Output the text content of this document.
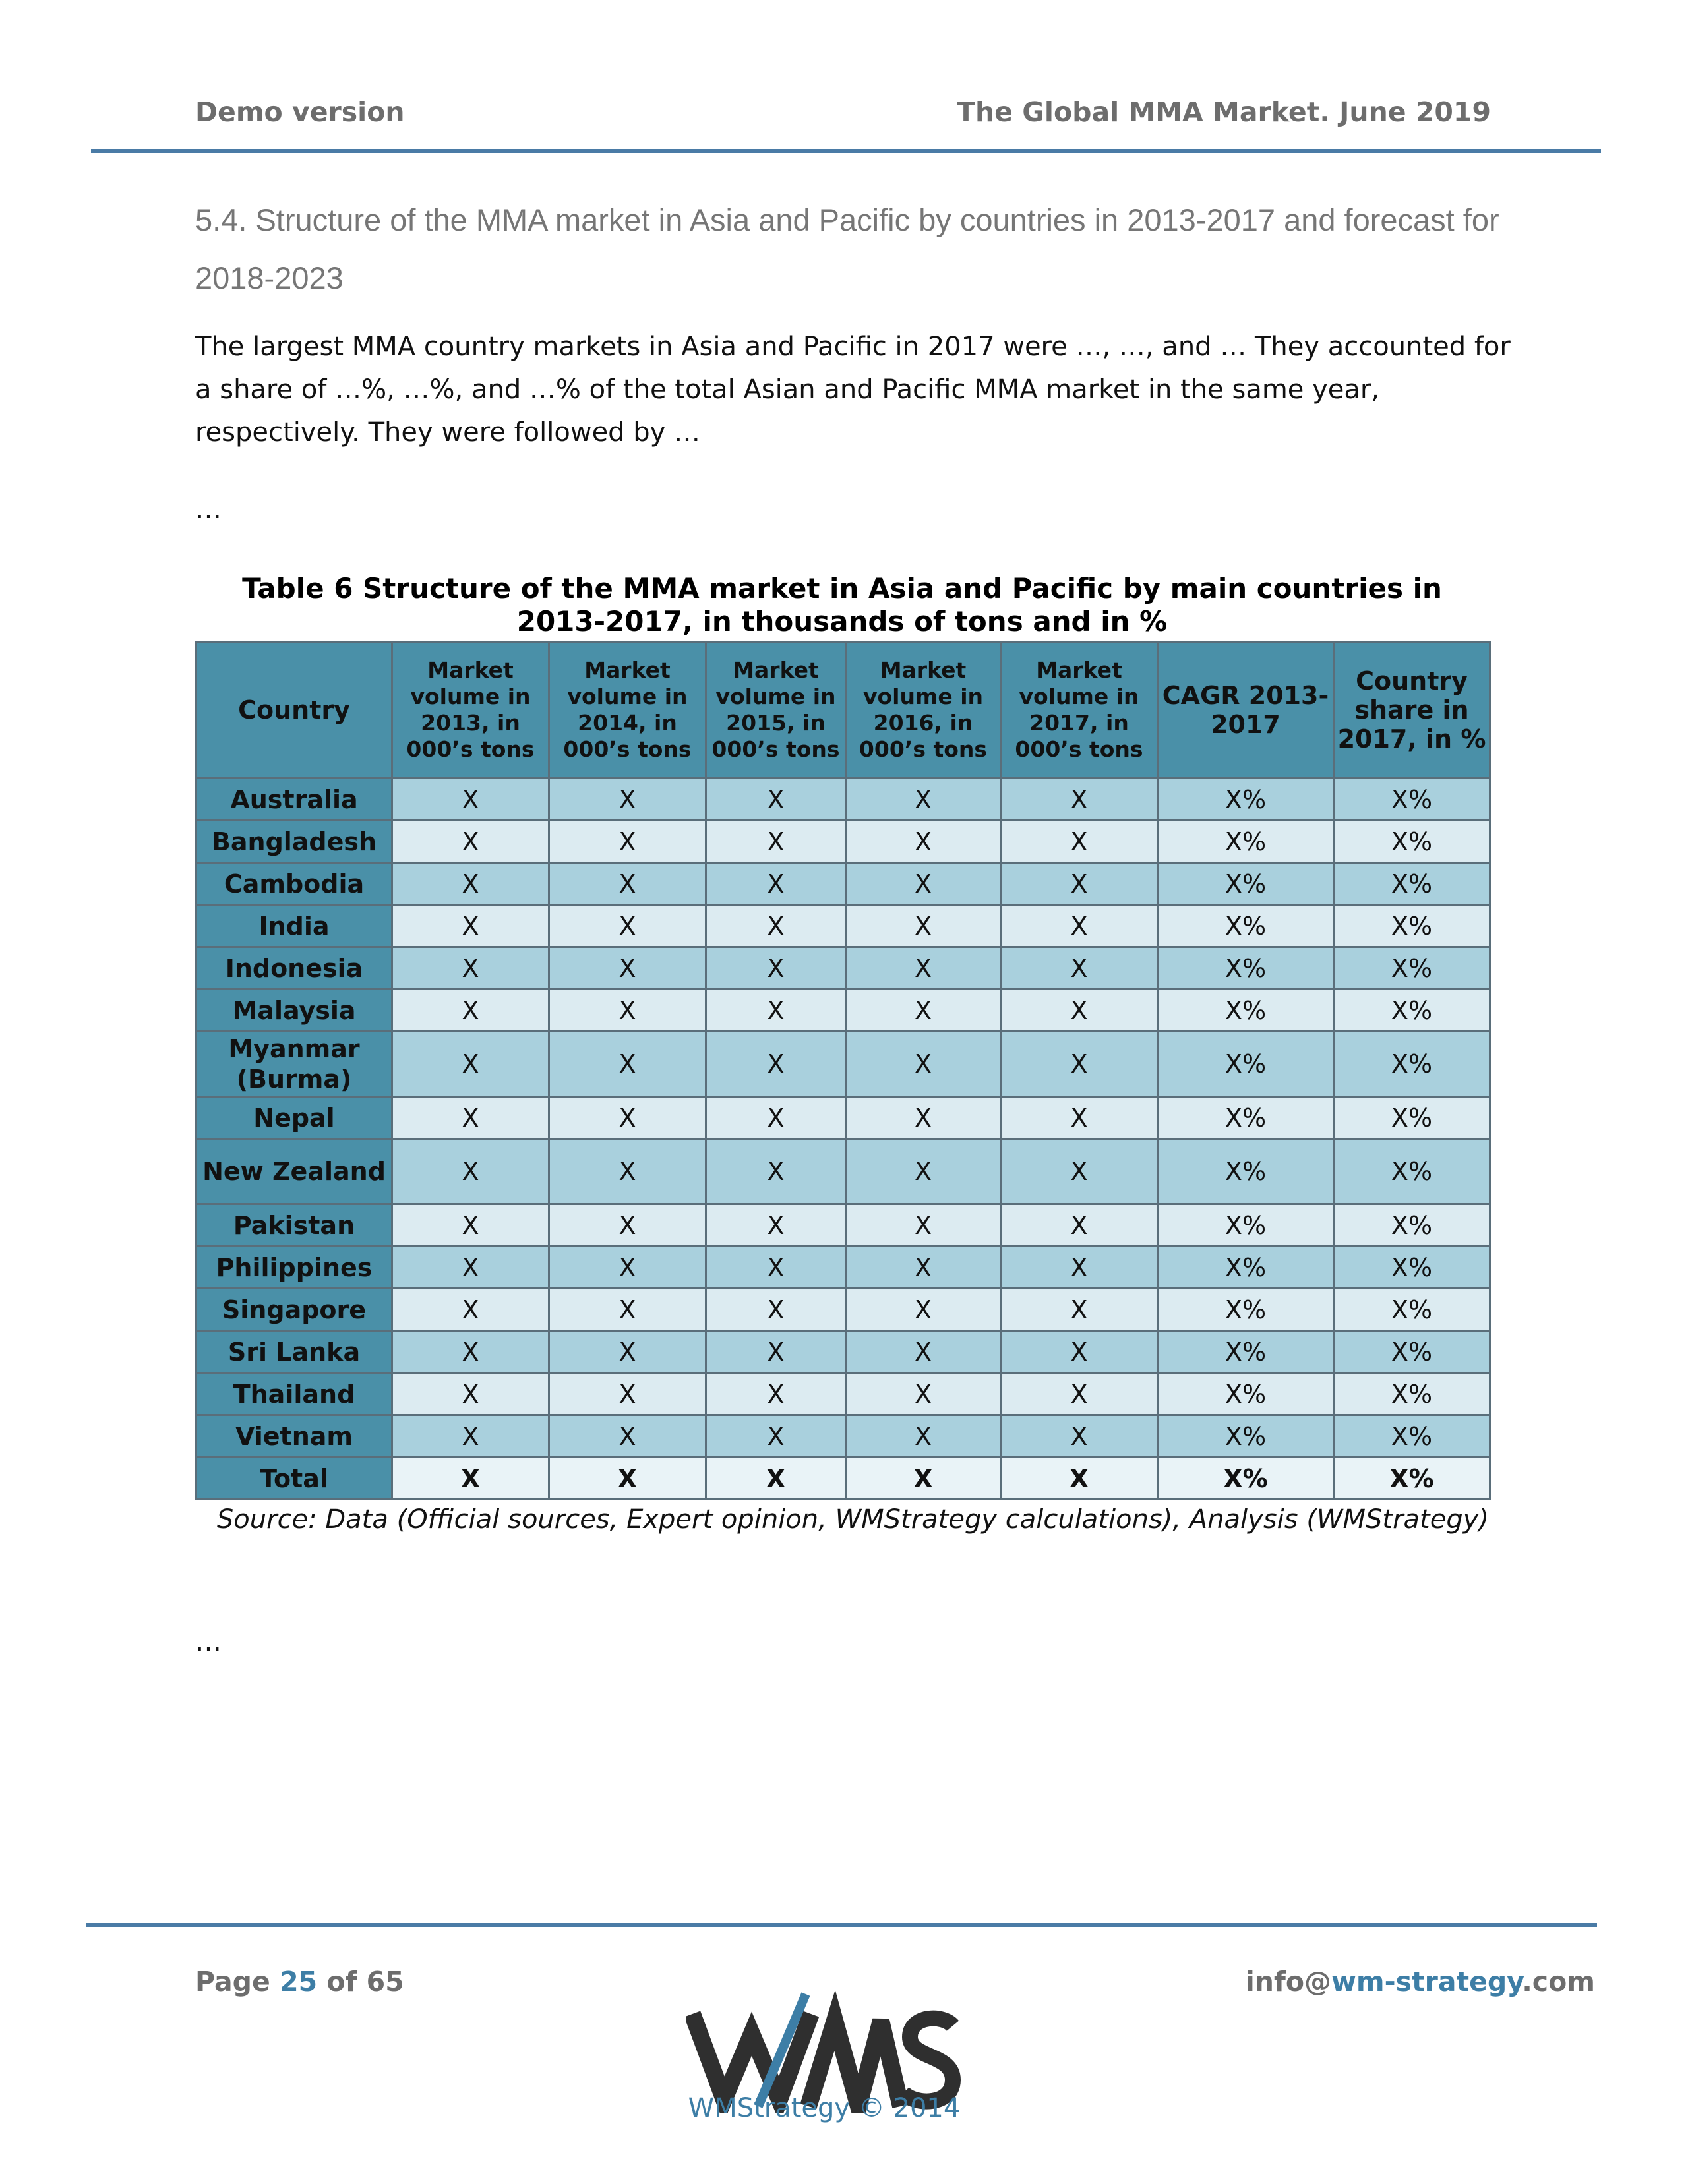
Demo version	The Global MMA Market. June 2019
5.4. Structure of the MMA market in Asia and Pacific by countries in 2013-2017 and forecast for 2018-2023
The largest MMA country markets in Asia and Pacific in 2017 were …, …, and … They accounted for a share of …%, …%, and …% of the total Asian and Pacific MMA market in the same year, respectively. They were followed by …
…
Table 6 Structure of the MMA market in Asia and Pacific by main countries in 2013-2017, in thousands of tons and in %
Country	Market volume in 2013, in 000’s tons	Market volume in 2014, in 000’s tons	Market volume in 2015, in 000’s tons	Market volume in 2016, in 000’s tons	Market volume in 2017, in 000’s tons	CAGR 2013-2017	Country share in 2017, in %
Australia	X	X	X	X	X	X%	X%
Bangladesh	X	X	X	X	X	X%	X%
Cambodia	X	X	X	X	X	X%	X%
India	X	X	X	X	X	X%	X%
Indonesia	X	X	X	X	X	X%	X%
Malaysia	X	X	X	X	X	X%	X%
Myanmar (Burma)	X	X	X	X	X	X%	X%
Nepal	X	X	X	X	X	X%	X%
New Zealand	X	X	X	X	X	X%	X%
Pakistan	X	X	X	X	X	X%	X%
Philippines	X	X	X	X	X	X%	X%
Singapore	X	X	X	X	X	X%	X%
Sri Lanka	X	X	X	X	X	X%	X%
Thailand	X	X	X	X	X	X%	X%
Vietnam	X	X	X	X	X	X%	X%
Total	X	X	X	X	X	X%	X%
Source: Data (Official sources, Expert opinion, WMStrategy calculations), Analysis (WMStrategy)
…
Page 25 of 65	info@wm-strategy.com
WMStrategy © 2014
